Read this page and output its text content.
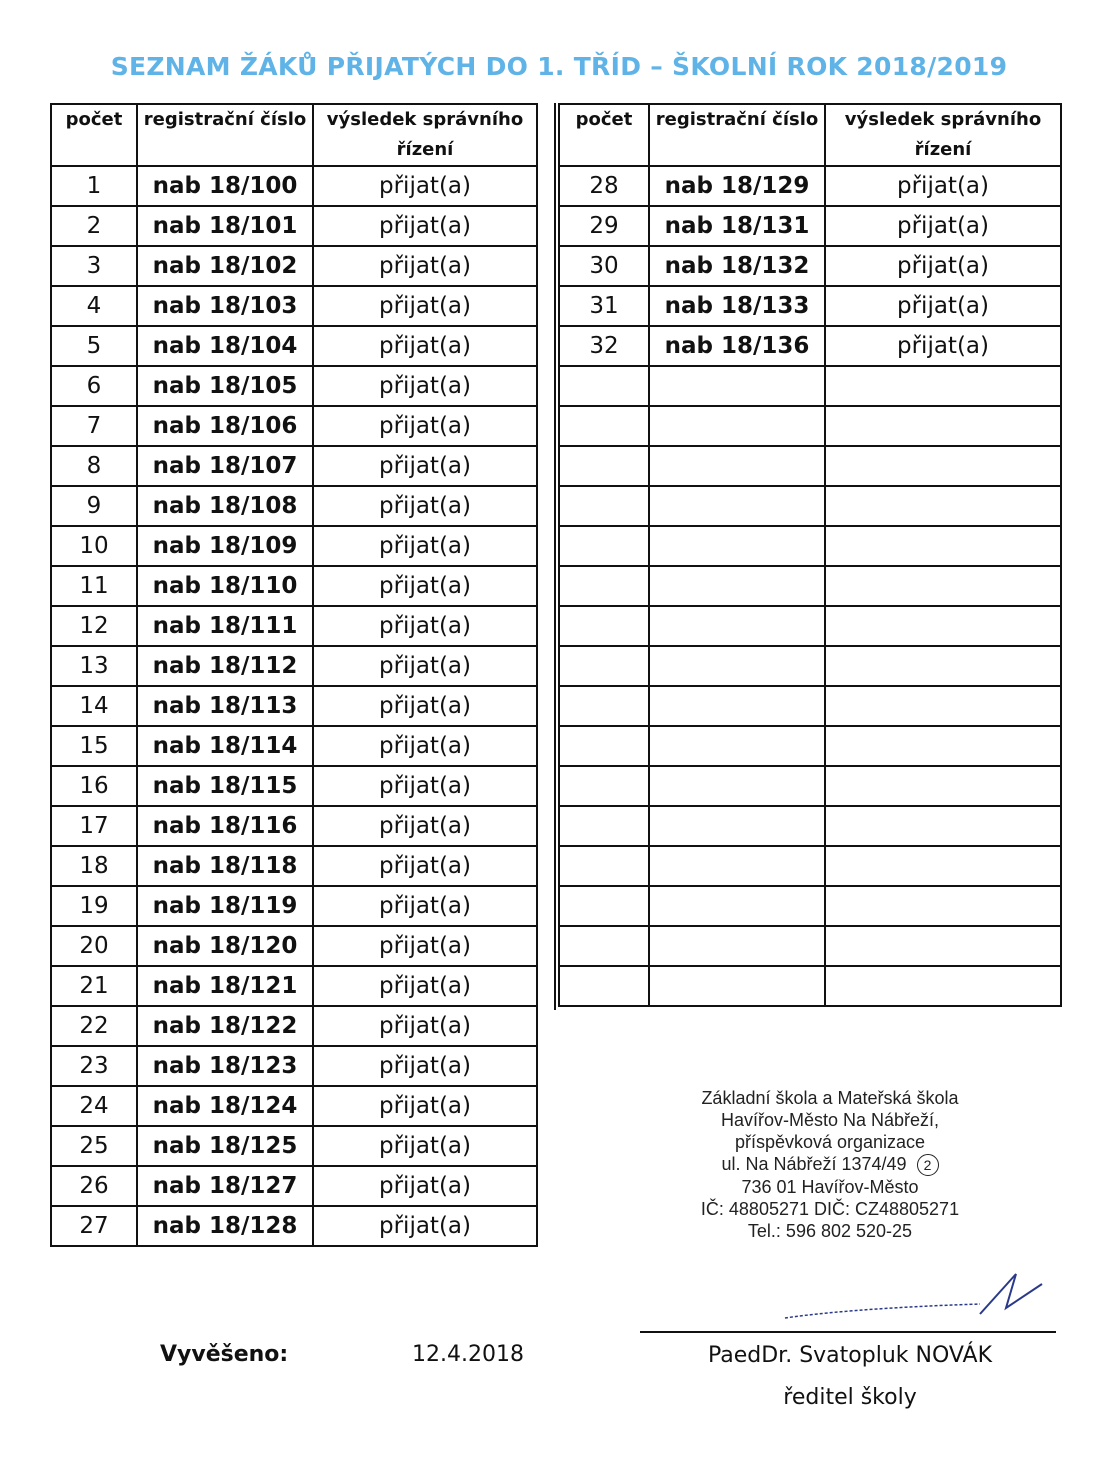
SEZNAM ŽÁKŮ PŘIJATÝCH DO 1. TŘÍD – ŠKOLNÍ ROK 2018/2019
počet	registrační číslo	výsledek správního
řízení
1	nab 18/100	přijat(a)
2	nab 18/101	přijat(a)
3	nab 18/102	přijat(a)
4	nab 18/103	přijat(a)
5	nab 18/104	přijat(a)
6	nab 18/105	přijat(a)
7	nab 18/106	přijat(a)
8	nab 18/107	přijat(a)
9	nab 18/108	přijat(a)
10	nab 18/109	přijat(a)
11	nab 18/110	přijat(a)
12	nab 18/111	přijat(a)
13	nab 18/112	přijat(a)
14	nab 18/113	přijat(a)
15	nab 18/114	přijat(a)
16	nab 18/115	přijat(a)
17	nab 18/116	přijat(a)
18	nab 18/118	přijat(a)
19	nab 18/119	přijat(a)
20	nab 18/120	přijat(a)
21	nab 18/121	přijat(a)
22	nab 18/122	přijat(a)
23	nab 18/123	přijat(a)
24	nab 18/124	přijat(a)
25	nab 18/125	přijat(a)
26	nab 18/127	přijat(a)
27	nab 18/128	přijat(a)
počet	registrační číslo	výsledek správního
řízení
28	nab 18/129	přijat(a)
29	nab 18/131	přijat(a)
30	nab 18/132	přijat(a)
31	nab 18/133	přijat(a)
32	nab 18/136	přijat(a)

Základní škola a Mateřská škola
Havířov-Město Na Nábřeží,
příspěvková organizace
ul. Na Nábřeží 1374/49 2
736 01 Havířov-Město
IČ: 48805271 DIČ: CZ48805271
Tel.: 596 802 520-25
Vyvěšeno:	12.4.2018	PaedDr. Svatopluk NOVÁK
ředitel školy
